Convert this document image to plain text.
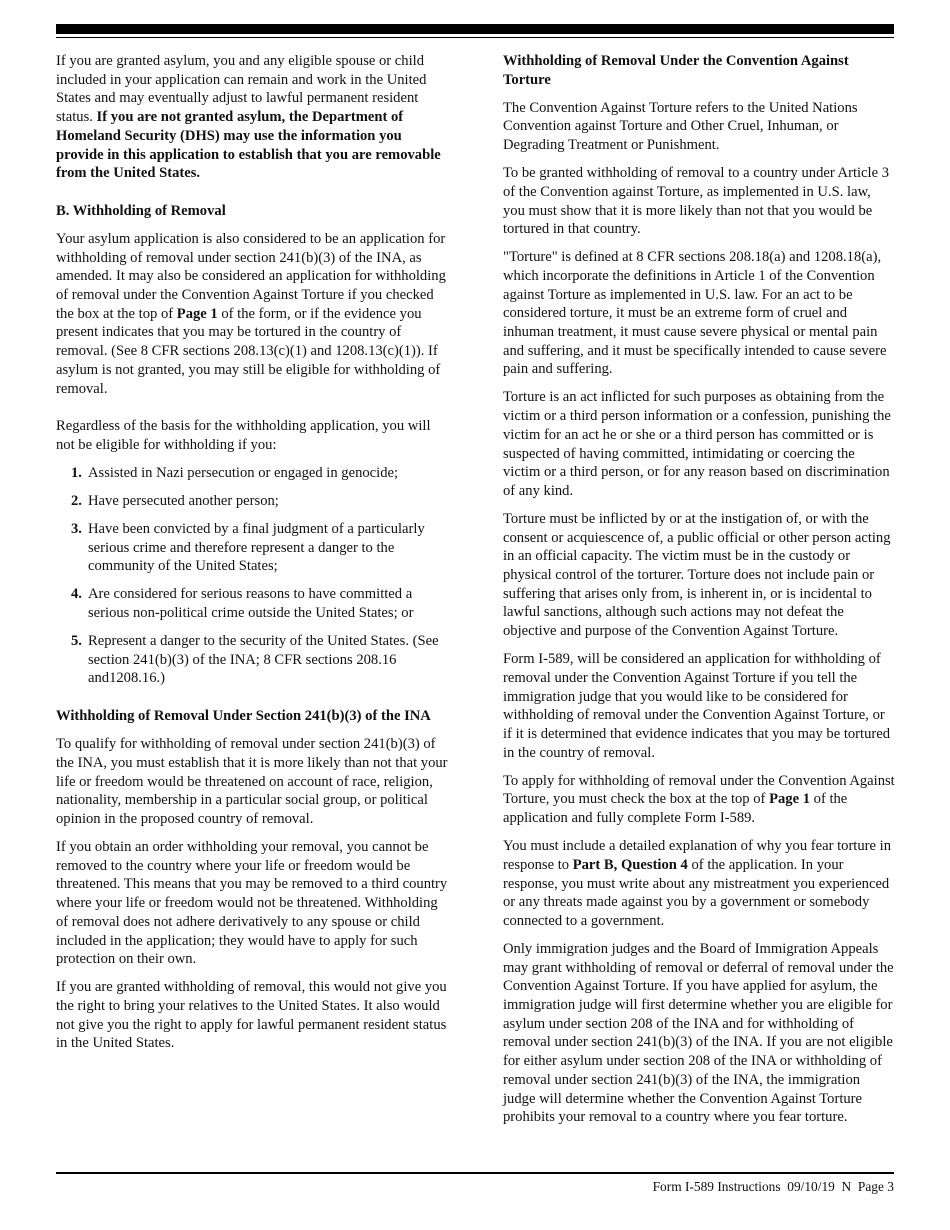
If you are granted asylum, you and any eligible spouse or child included in your application can remain and work in the United States and may eventually adjust to lawful permanent resident status. If you are not granted asylum, the Department of Homeland Security (DHS) may use the information you provide in this application to establish that you are removable from the United States.

B. Withholding of Removal

Your asylum application is also considered to be an application for withholding of removal under section 241(b)(3) of the INA, as amended. It may also be considered an application for withholding of removal under the Convention Against Torture if you checked the box at the top of Page 1 of the form, or if the evidence you present indicates that you may be tortured in the country of removal. (See 8 CFR sections 208.13(c)(1) and 1208.13(c)(1)). If asylum is not granted, you may still be eligible for withholding of removal.

Regardless of the basis for the withholding application, you will not be eligible for withholding if you:

1. Assisted in Nazi persecution or engaged in genocide;
2. Have persecuted another person;
3. Have been convicted by a final judgment of a particularly serious crime and therefore represent a danger to the community of the United States;
4. Are considered for serious reasons to have committed a serious non-political crime outside the United States; or
5. Represent a danger to the security of the United States. (See section 241(b)(3) of the INA; 8 CFR sections 208.16 and1208.16.)
Withholding of Removal Under Section 241(b)(3) of the INA

To qualify for withholding of removal under section 241(b)(3) of the INA, you must establish that it is more likely than not that your life or freedom would be threatened on account of race, religion, nationality, membership in a particular social group, or political opinion in the proposed country of removal.

If you obtain an order withholding your removal, you cannot be removed to the country where your life or freedom would be threatened. This means that you may be removed to a third country where your life or freedom would not be threatened. Withholding of removal does not adhere derivatively to any spouse or child included in the application; they would have to apply for such protection on their own.

If you are granted withholding of removal, this would not give you the right to bring your relatives to the United States. It also would not give you the right to apply for lawful permanent resident status in the United States.

Withholding of Removal Under the Convention Against Torture

The Convention Against Torture refers to the United Nations Convention against Torture and Other Cruel, Inhuman, or Degrading Treatment or Punishment.

To be granted withholding of removal to a country under Article 3 of the Convention against Torture, as implemented in U.S. law, you must show that it is more likely than not that you would be tortured in that country.

"Torture" is defined at 8 CFR sections 208.18(a) and 1208.18(a), which incorporate the definitions in Article 1 of the Convention against Torture as implemented in U.S. law. For an act to be considered torture, it must be an extreme form of cruel and inhuman treatment, it must cause severe physical or mental pain and suffering, and it must be specifically intended to cause severe pain and suffering.

Torture is an act inflicted for such purposes as obtaining from the victim or a third person information or a confession, punishing the victim for an act he or she or a third person has committed or is suspected of having committed, intimidating or coercing the victim or a third person, or for any reason based on discrimination of any kind.

Torture must be inflicted by or at the instigation of, or with the consent or acquiescence of, a public official or other person acting in an official capacity. The victim must be in the custody or physical control of the torturer. Torture does not include pain or suffering that arises only from, is inherent in, or is incidental to lawful sanctions, although such actions may not defeat the objective and purpose of the Convention Against Torture.

Form I-589, will be considered an application for withholding of removal under the Convention Against Torture if you tell the immigration judge that you would like to be considered for withholding of removal under the Convention Against Torture, or if it is determined that evidence indicates that you may be tortured in the country of removal.

To apply for withholding of removal under the Convention Against Torture, you must check the box at the top of Page 1 of the application and fully complete Form I-589.

You must include a detailed explanation of why you fear torture in response to Part B, Question 4 of the application. In your response, you must write about any mistreatment you experienced or any threats made against you by a government or somebody connected to a government.

Only immigration judges and the Board of Immigration Appeals may grant withholding of removal or deferral of removal under the Convention Against Torture. If you have applied for asylum, the immigration judge will first determine whether you are eligible for asylum under section 208 of the INA and for withholding of removal under section 241(b)(3) of the INA. If you are not eligible for either asylum under section 208 of the INA or withholding of removal under section 241(b)(3) of the INA, the immigration judge will determine whether the Convention Against Torture prohibits your removal to a country where you fear torture.

Form I-589 Instructions  09/10/19  N  Page 3
